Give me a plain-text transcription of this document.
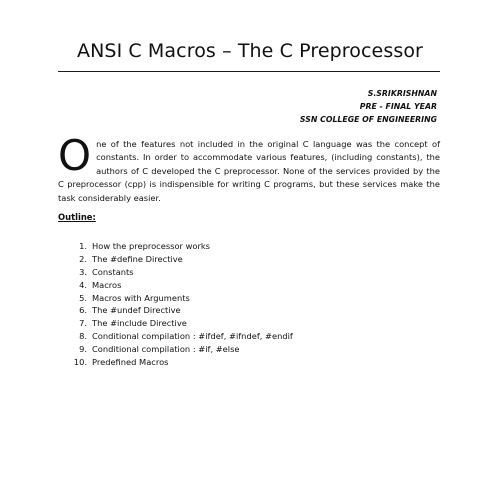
ANSI C Macros – The C Preprocessor
S.SRIKRISHNAN
PRE - FINAL YEAR
SSN COLLEGE OF ENGINEERING
One of the features not included in the original C language was the concept of constants. In order to accommodate various features, (including constants), the authors of C developed the C preprocessor. None of the services provided by the C preprocessor (cpp) is indispensible for writing C programs, but these services make the task considerably easier.
Outline:
1. How the preprocessor works
2. The #define Directive
3. Constants
4. Macros
5. Macros with Arguments
6. The #undef Directive
7. The #include Directive
8. Conditional compilation : #ifdef, #ifndef, #endif
9. Conditional compilation : #if, #else
10. Predefined Macros
